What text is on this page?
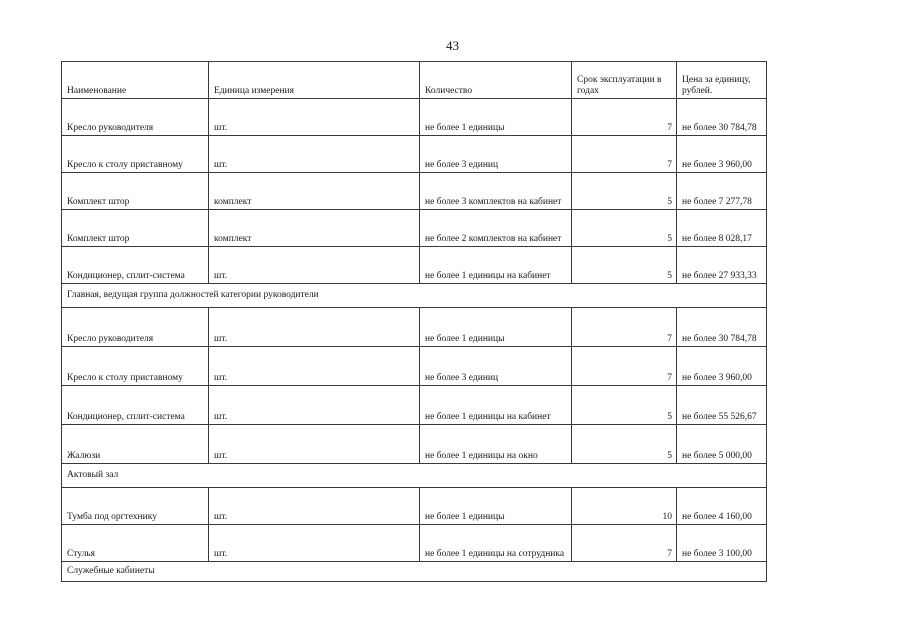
43
Наименование	Единица измерения	Количество	Срок эксплуатации в годах	Цена за единицу, рублей.
Кресло руководителя	шт.	не более 1 единицы	7	не более 30 784,78
Кресло к столу приставному	шт.	не более 3 единиц	7	не более 3 960,00
Комплект штор	комплект	не более 3 комплектов на кабинет	5	не более 7 277,78
Комплект штор	комплект	не более 2 комплектов на кабинет	5	не более 8 028,17
Кондиционер, сплит-система	шт.	не более 1 единицы на кабинет	5	не более 27 933,33
Главная, ведущая группа должностей категории руководители				
Кресло руководителя	шт.	не более 1 единицы	7	не более 30 784,78
Кресло к столу приставному	шт.	не более 3 единиц	7	не более 3 960,00
Кондиционер, сплит-система	шт.	не более 1 единицы на кабинет	5	не более 55 526,67
Жалюзи	шт.	не более 1 единицы на окно	5	не более 5 000,00
Актовый зал				
Тумба под оргтехнику	шт.	не более 1 единицы	10	не более 4 160,00
Стулья	шт.	не более 1 единицы на сотрудника	7	не более 3 100,00
Служебные кабинеты				
